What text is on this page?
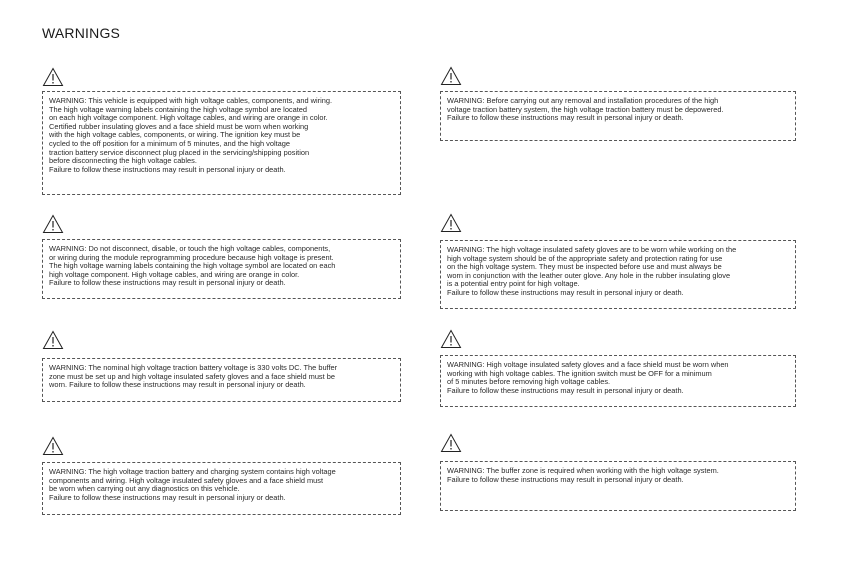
WARNINGS

WARNING: This vehicle is equipped with high voltage cables, components, and wiring.

The high voltage warning labels containing the high voltage symbol are located

on each high voltage component. High voltage cables, and wiring are orange in color.

Certified rubber insulating gloves and a face shield must be worn when working

with the high voltage cables, components, or wiring. The ignition key must be

cycled to the off position for a minimum of 5 minutes, and the high voltage

traction battery service disconnect plug placed in the servicing/shipping position

before disconnecting the high voltage cables.

Failure to follow these instructions may result in personal injury or death.

WARNING: Do not disconnect, disable, or touch the high voltage cables, components,

or wiring during the module reprogramming procedure because high voltage is present.

The high voltage warning labels containing the high voltage symbol are located on each

high voltage component. High voltage cables, and wiring are orange in color.

Failure to follow these instructions may result in personal injury or death.

WARNING: The nominal high voltage traction battery voltage is 330 volts DC. The buffer

zone must be set up and high voltage insulated safety gloves and a face shield must be

worn. Failure to follow these instructions may result in personal injury or death.

WARNING: The high voltage traction battery and charging system contains high voltage

components and wiring. High voltage insulated safety gloves and a face shield must

be worn when carrying out any diagnostics on this vehicle.

Failure to follow these instructions may result in personal injury or death.

WARNING: Before carrying out any removal and installation procedures of the high

voltage traction battery system, the high voltage traction battery must be depowered.

Failure to follow these instructions may result in personal injury or death.

WARNING: The high voltage insulated safety gloves are to be worn while working on the

high voltage system should be of the appropriate safety and protection rating for use

on the high voltage system. They must be inspected before use and must always be

worn in conjunction with the leather outer glove. Any hole in the rubber insulating glove

is a potential entry point for high voltage.

Failure to follow these instructions may result in personal injury or death.

WARNING: High voltage insulated safety gloves and a face shield must be worn when

working with high voltage cables. The ignition switch must be OFF for a minimum

of 5 minutes before removing high voltage cables.

Failure to follow these instructions may result in personal injury or death.

WARNING: The buffer zone is required when working with the high voltage system.

Failure to follow these instructions may result in personal injury or death.
